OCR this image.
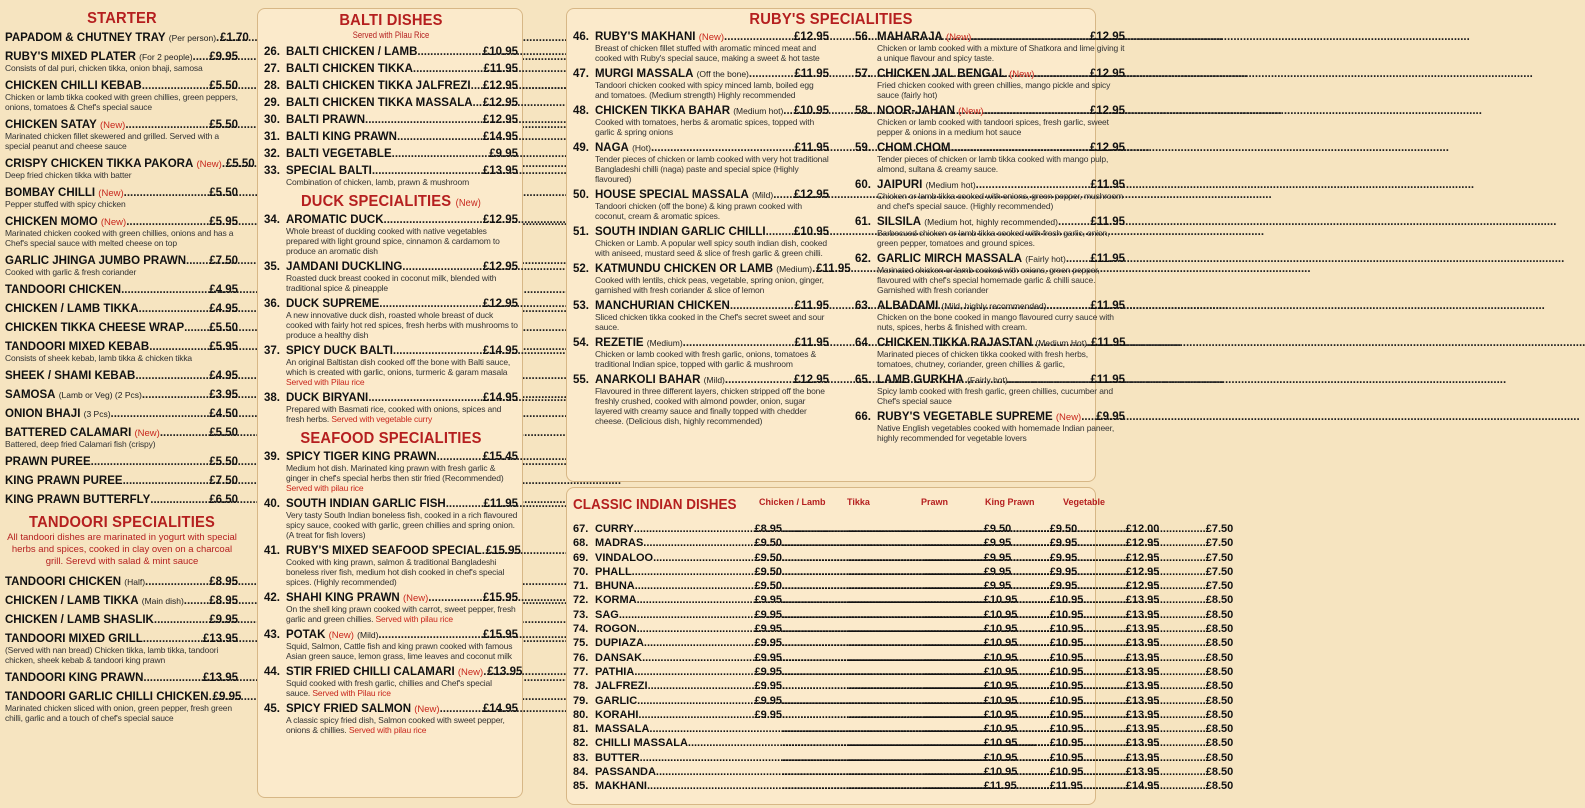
STARTER
PAPADOM & CHUTNEY TRAY
(Per person) ..... £1.70
RUBY'S MIXED PLATER
(For 2 people) ..... £9.95
Consists of dal puri, chicken tikka, onion bhaji, samosa
CHICKEN CHILLI KEBAB .....	£5.50
Chicken or lamb tikka cooked with green chillies, green peppers, onions, tomatoes & Chef's special sauce
CHICKEN SATAY
(New) .....	£5.50
Marinated chicken fillet skewered and grilled. Served with a special peanut and cheese sauce
CRISPY CHICKEN TIKKA PAKORA
(New) ..... £5.50
Deep fried chicken tikka with batter
BOMBAY CHILLI
(New) .....	£5.50
Pepper stuffed with spicy chicken
CHICKEN MOMO
(New) .....	£5.95
Marinated chicken cooked with green chillies, onions and has a Chef's special sauce with melted cheese on top
GARLIC JHINGA JUMBO PRAWN ..... £7.50
Cooked with garlic & fresh coriander
TANDOORI CHICKEN .....	£4.95
CHICKEN / LAMB TIKKA .....	£4.95
CHICKEN TIKKA CHEESE WRAP ..... £5.50
TANDOORI MIXED KEBAB .....	£5.95
Consists of sheek kebab, lamb tikka & chicken tikka
SHEEK / SHAMI KEBAB .....	£4.95
SAMOSA
(Lamb or Veg) (2 Pcs) .....	£3.95
ONION BHAJI
(3 Pcs) .....	£4.50
BATTERED CALAMARI
(New) .....	£5.50
Battered, deep fried Calamari fish (crispy)
PRAWN PUREE .....	£5.50
KING PRAWN PUREE .....	£7.50
KING PRAWN BUTTERFLY .....	£6.50
TANDOORI SPECIALITIES
All tandoori dishes are marinated in yogurt with special herbs and spices, cooked in clay oven on a charcoal grill. Serevd with salad & mint sauce
TANDOORI CHICKEN
(Half) .....	£8.95
CHICKEN / LAMB TIKKA
(Main dish) ..... £8.95
CHICKEN / LAMB SHASLIK .....	£9.95
TANDOORI MIXED GRILL .....	£13.95
(Served with nan bread) Chicken tikka, lamb tikka, tandoori chicken, sheek kebab & tandoori king prawn
TANDOORI KING PRAWN .....	£13.95
TANDOORI GARLIC CHILLI CHICKEN ..... £9.95
Marinated chicken sliced with onion, green pepper, fresh green chilli, garlic and a touch of chef's special sauce
BALTI DISHES
Served with Pilau Rice
26. BALTI CHICKEN / LAMB .....	£10.95
27. BALTI CHICKEN TIKKA .....	£11.95
28. BALTI CHICKEN TIKKA JALFREZI ..... £12.95
29. BALTI CHICKEN TIKKA MASSALA ..... £12.95
30. BALTI PRAWN .....	£12.95
31. BALTI KING PRAWN .....	£14.95
32. BALTI VEGETABLE .....	£9.95
33. SPECIAL BALTI .....	£13.95
Combination of chicken, lamb, prawn & mushroom
DUCK SPECIALITIES (New)
34. AROMATIC DUCK .....	£12.95
Whole breast of duckling cooked with native vegetables prepared with light ground spice, cinnamon & cardamom to produce an aromatic dish
35. JAMDANI DUCKLING .....	£12.95
Roasted duck breast cooked in coconut milk, blended with traditional spice & pineapple
36. DUCK SUPREME .....	£12.95
A new innovative duck dish, roasted whole breast of duck cooked with fairly hot red spices, fresh herbs with mushrooms to produce a healthy dish
37. SPICY DUCK BALTI .....	£14.95
An original Baltistan dish cooked off the bone with Balti sauce, which is created with garlic, onions, turmeric & garam masala Served with Pilau rice
38. DUCK BIRYANI .....	£14.95
Prepared with Basmati rice, cooked with onions, spices and fresh herbs. Served with vegetable curry
SEAFOOD SPECIALITIES
39. SPICY TIGER KING PRAWN .....	£15.45
Medium hot dish. Marinated king prawn with fresh garlic & ginger in chef's special herbs then stir fried (Recommended) Served with pilau rice
40. SOUTH INDIAN GARLIC FISH .....	£11.95
Very tasty South Indian boneless fish, cooked in a rich flavoured spicy sauce, cooked with garlic, green chillies and spring onion. (A treat for fish lovers)
41. RUBY'S MIXED SEAFOOD SPECIAL ..... £15.95
Cooked with king prawn, salmon & traditional Bangladeshi boneless river fish, medium hot dish cooked in chef's special spices. (Highly recommended)
42. SHAHI KING PRAWN
(New) .....	£15.95
On the shell king prawn cooked with carrot, sweet pepper, fresh garlic and green chillies. Served with pilau rice
43. POTAK
(New)
(Mild) .....	£15.95
Squid, Salmon, Cattle fish and king prawn cooked with famous Asian green sauce, lemon grass, lime leaves and coconut milk
44. STIR FRIED CHILLI CALAMARI
(New) ..... £13.95
Squid cooked with fresh garlic, chillies and Chef's special sauce. Served with Pilau rice
45. SPICY FRIED SALMON
(New) .....	£14.95
A classic spicy fried dish, Salmon cooked with sweet pepper, onions & chillies. Served with pilau rice
RUBY'S SPECIALITIES
46. RUBY'S MAKHANI
(New) .....	£12.95
Breast of chicken fillet stuffed with aromatic minced meat and cooked with Ruby's special sauce, making a sweet & hot taste
47. MURGI MASSALA
(Off the bone) .....	£11.95
Tandoori chicken cooked with spicy minced lamb, boiled egg and tomatoes. (Medium strength) Highly recommended
48. CHICKEN TIKKA BAHAR
(Medium hot) ..... £10.95
Cooked with tomatoes, herbs & aromatic spices, topped with garlic & spring onions
49. NAGA
(Hot) .....	£11.95
Tender pieces of chicken or lamb cooked with very hot traditional Bangladeshi chilli (naga) paste and special spice (Highly flavoured)
50. HOUSE SPECIAL MASSALA
(Mild) ..... £12.95
Tandoori chicken (off the bone) & king prawn cooked with coconut, cream & aromatic spices.
51. SOUTH INDIAN GARLIC CHILLI ..... £10.95
Chicken or Lamb. A popular well spicy south indian dish, cooked with aniseed, mustard seed & slice of fresh garlic & green chilli.
52. KATMUNDU CHICKEN OR LAMB
(Medium) ..... £11.95
Cooked with lentils, chick peas, vegetable, spring onion, ginger, garnished with fresh coriander & slice of lemon
53. MANCHURIAN CHICKEN .....	£11.95
Sliced chicken tikka cooked in the Chef's secret sweet and sour sauce.
54. REZETIE
(Medium) .....	£11.95
Chicken or lamb cooked with fresh garlic, onions, tomatoes & traditional Indian spice, topped with garlic & mushroom
55. ANARKOLI BAHAR
(Mild) .....	£12.95
Flavoured in three different layers, chicken stripped off the bone freshly crushed, cooked with almond powder, onion, sugar layered with creamy sauce and finally topped with chedder cheese. (Delicious dish, highly recommended)
56. MAHARAJA
(New) .....	£12.95
Chicken or lamb cooked with a mixture of Shatkora and lime giving it a unique flavour and spicy taste.
57. CHICKEN JAL BENGAL
(New) .....	£12.95
Fried chicken cooked with green chillies, mango pickle and spicy sauce (fairly hot)
58. NOOR-JAHAN
(New) .....	£12.95
Chicken or lamb cooked with tandoori spices, fresh garlic, sweet pepper & onions in a medium hot sauce
59. CHOM CHOM .....	£12.95
Tender pieces of chicken or lamb tikka cooked with mango pulp, almond, sultana & creamy sauce.
60. JAIPURI
(Medium hot) .....	£11.95
Chicken or lamb tikka cooked with onions, green pepper, mushroom and chef's special sauce. (Highly recommended)
61. SILSILA
(Medium hot, highly recommended) .....	£11.95
Barbecued chicken or lamb tikka cooked with fresh garlic, onion, green pepper, tomatoes and ground spices.
62. GARLIC MIRCH MASSALA
(Fairly hot) ..... £11.95
Marinated chicken or lamb cooked with onions, green pepper, flavoured with chef's special homemade garlic & chilli sauce. Garnished with fresh coriander
63. ALBADAMI
(Mild, highly recommended) .....	£11.95
Chicken on the bone cooked in mango flavoured curry sauce with nuts, spices, herbs & finished with cream.
64. CHICKEN TIKKA RAJASTAN
(Medium Hot) ..... £11.95
Marinated pieces of chicken tikka cooked with fresh herbs, tomatoes, chutney, coriander, green chillies & garlic,
65. LAMB GURKHA
(Fairly hot) .....	£11.95
Spicy lamb cooked with fresh garlic, green chillies, cucumber and Chef's special sauce
66. RUBY'S VEGETABLE SUPREME
(New) ..... £9.95
Native English vegetables cooked with homemade Indian paneer, highly recommended for vegetable lovers
CLASSIC INDIAN DISHES	Chicken / Lamb Tikka	Prawn	King Prawn	Vegetable
67. CURRY .....	£8.95 .....	£9.50 .....	£9.50 .....	£12.00 .....	£7.50
68. MADRAS .....	£9.50 .....	£9.95 .....	£9.95 .....	£12.95 .....	£7.50
69. VINDALOO .....	£9.50 .....	£9.95 .....	£9.95 .....	£12.95 .....	£7.50
70. PHALL .....	£9.50 .....	£9.95 .....	£9.95 .....	£12.95 .....	£7.50
71. BHUNA .....	£9.50 .....	£9.95 .....	£9.95 .....	£12.95 .....	£7.50
72. KORMA .....	£9.95 .....	£10.95 .....	£10.95 .....	£13.95 .....	£8.50
73. SAG .....	£9.95 .....	£10.95 .....	£10.95 .....	£13.95 .....	£8.50
74. ROGON .....	£9.95 .....	£10.95 .....	£10.95 .....	£13.95 .....	£8.50
75. DUPIAZA .....	£9.95 .....	£10.95 .....	£10.95 .....	£13.95 .....	£8.50
76. DANSAK .....	£9.95 .....	£10.95 .....	£10.95 .....	£13.95 .....	£8.50
77. PATHIA .....	£9.95 .....	£10.95 .....	£10.95 .....	£13.95 .....	£8.50
78. JALFREZI .....	£9.95 .....	£10.95 .....	£10.95 .....	£13.95 .....	£8.50
79. GARLIC .....	£9.95 .....	£10.95 .....	£10.95 .....	£13.95 .....	£8.50
80. KORAHI .....	£9.95 .....	£10.95 .....	£10.95 .....	£13.95 .....	£8.50
81. MASSALA ..... .....	£10.95 .....	£10.95 .....	£13.95 .....	£8.50
82. CHILLI MASSALA ..... .....	£10.95 .....	£10.95 .....	£13.95 .....	£8.50
83. BUTTER ..... .....	£10.95 .....	£10.95 .....	£13.95 .....	£8.50
84. PASSANDA ..... .....	£10.95 .....	£10.95 .....	£13.95 .....	£8.50
85. MAKHANI ..... .....	£11.95 .....	£11.95 .....	£14.95 .....	£8.50
